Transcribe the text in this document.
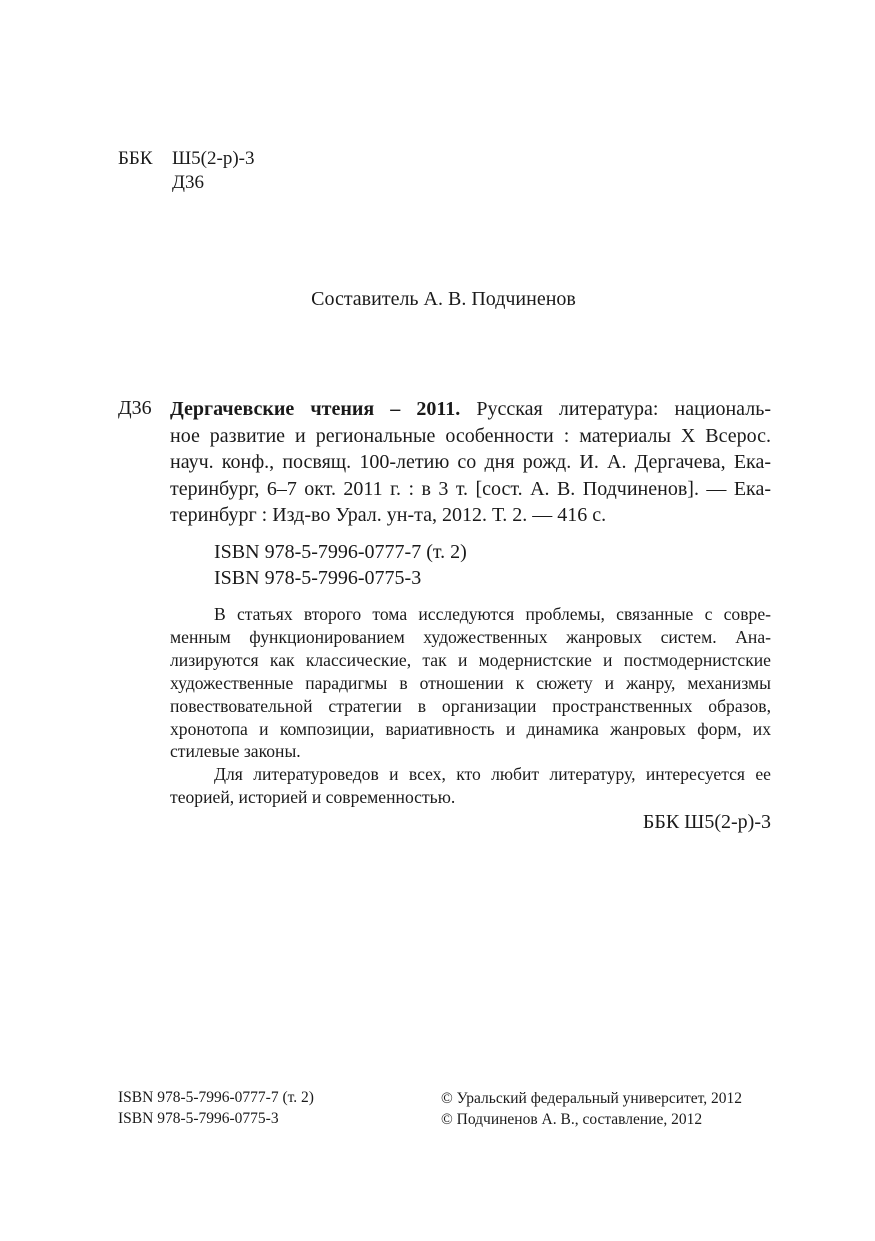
ББК	Ш5(2-р)-3
Д36
Составитель А. В. Подчиненов
Д36 Дергачевские чтения – 2011. Русская литература: националь-
ное развитие и региональные особенности : материалы X Всерос.
науч. конф., посвящ. 100-летию со дня рожд. И. А. Дергачева, Ека-
теринбург, 6–7 окт. 2011 г. : в 3 т. [сост. А. В. Подчиненов]. — Ека-
теринбург : Изд-во Урал. ун-та, 2012. Т. 2. — 416 с.
ISBN 978-5-7996-0777-7 (т. 2)
ISBN 978-5-7996-0775-3
В статьях второго тома исследуются проблемы, связанные с совре-
менным функционированием художественных жанровых систем. Ана-
лизируются как классические, так и модернистские и постмодернистские
художественные парадигмы в отношении к сюжету и жанру, механизмы
повествовательной стратегии в организации пространственных образов,
хронотопа и композиции, вариативность и динамика жанровых форм, их
стилевые законы.
Для литературоведов и всех, кто любит литературу, интересуется ее
теорией, историей и современностью.
ББК Ш5(2-р)-3
ISBN 978-5-7996-0777-7 (т. 2)
ISBN 978-5-7996-0775-3
© Уральский федеральный университет, 2012
© Подчиненов А. В., составление, 2012
